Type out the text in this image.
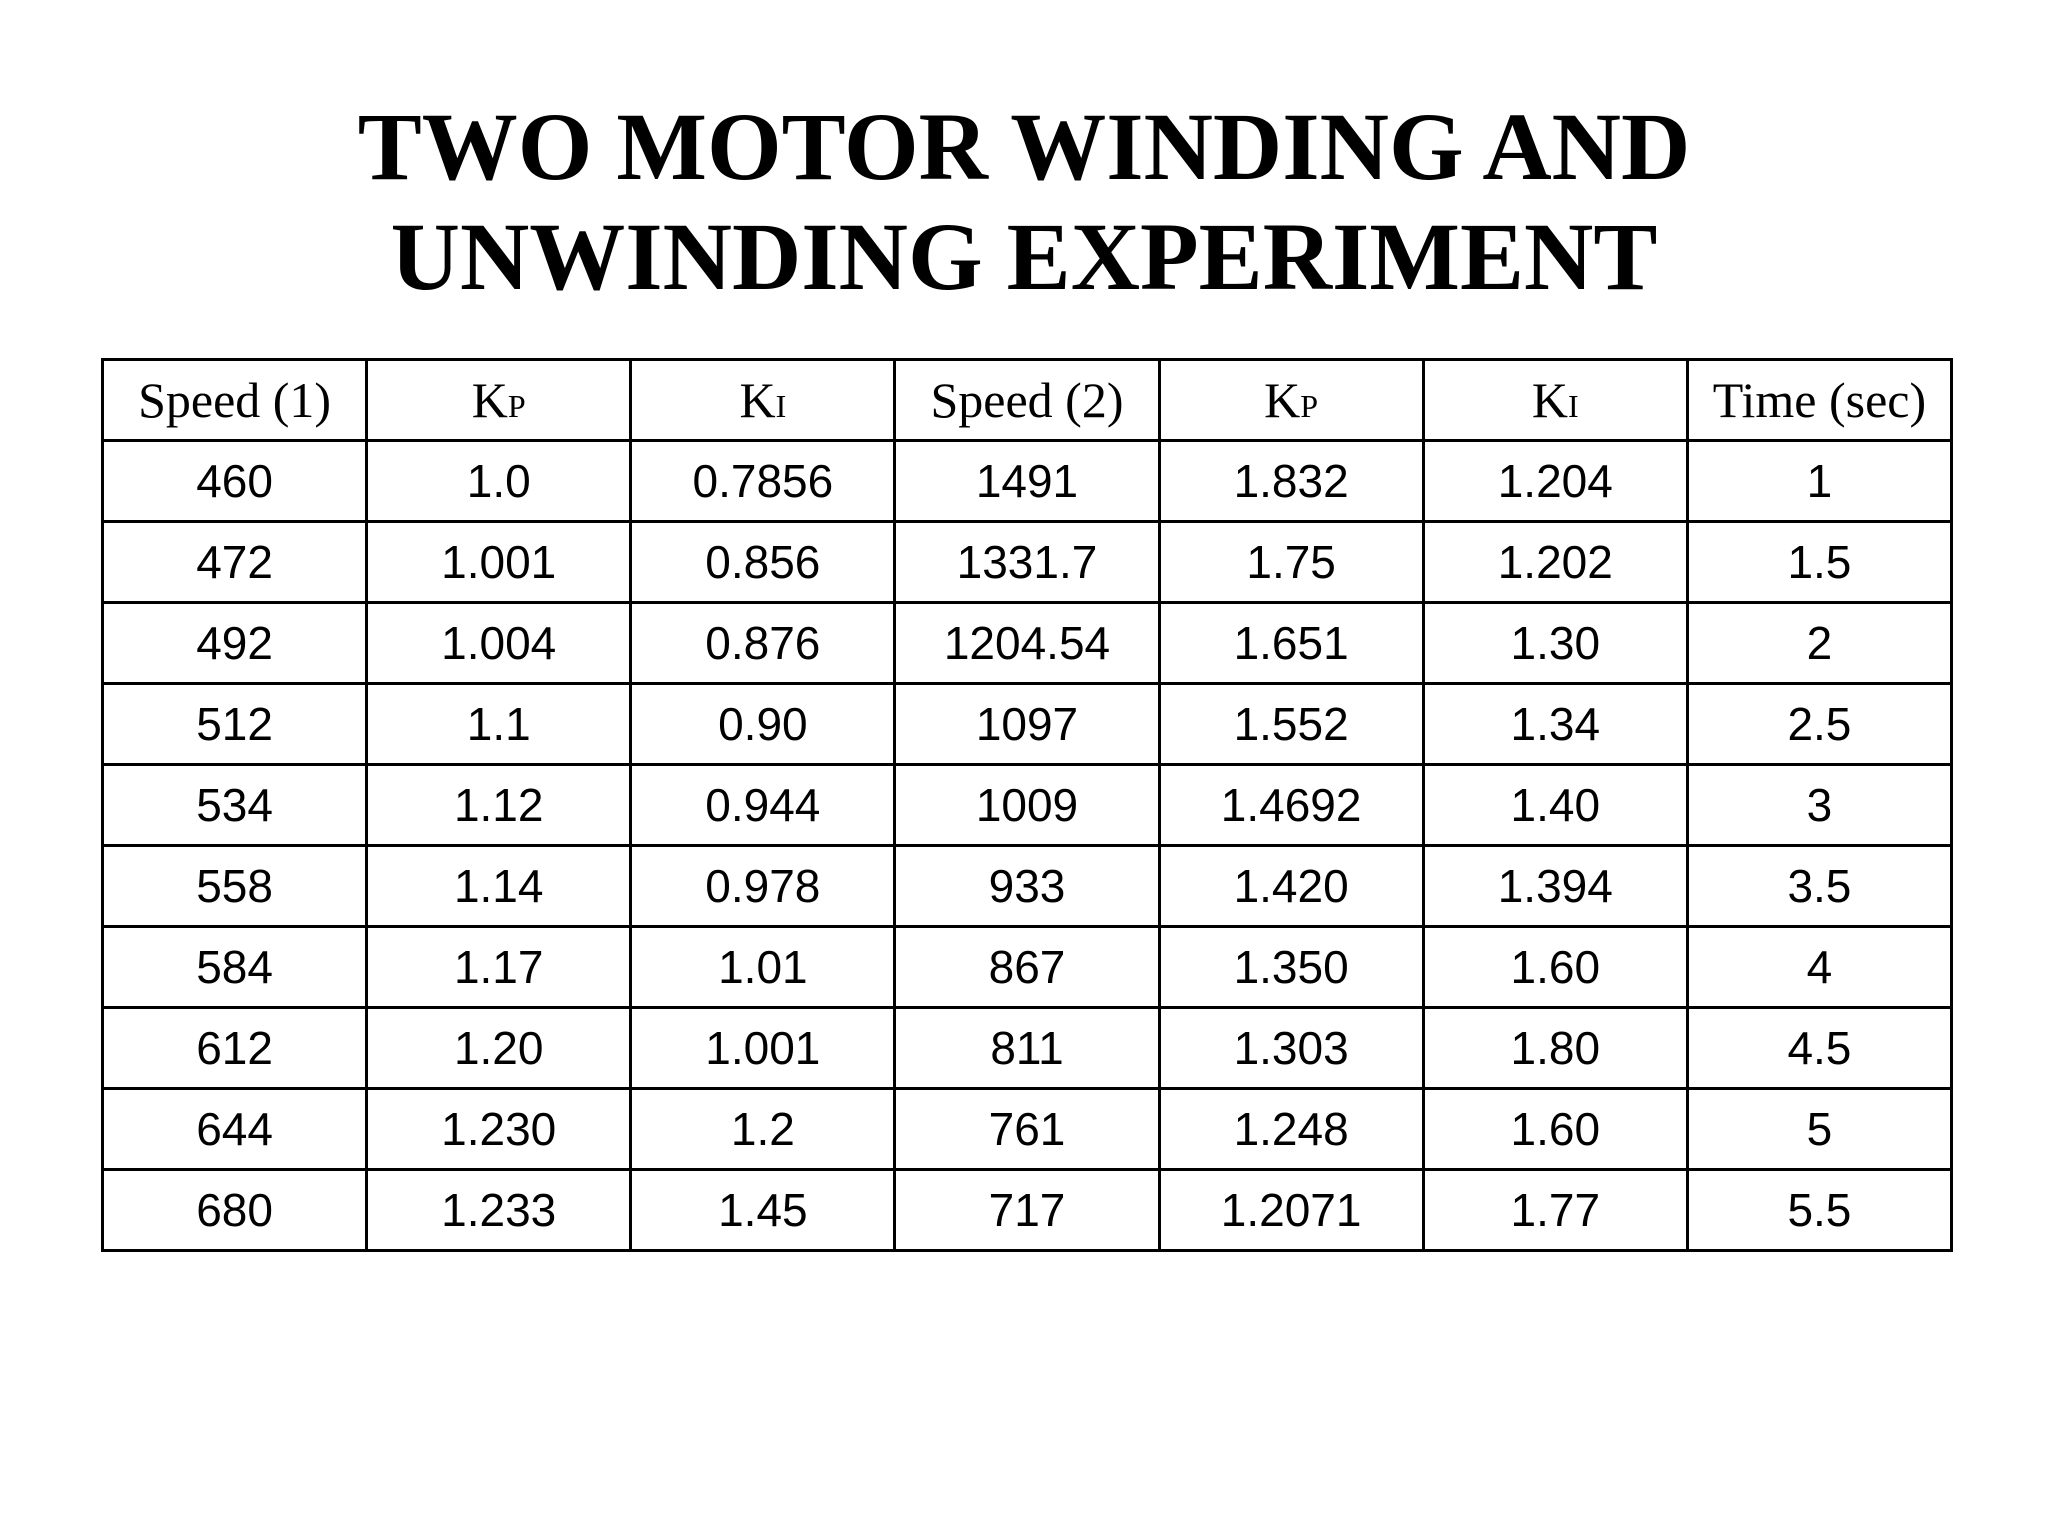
TWO MOTOR WINDING AND
UNWINDING EXPERIMENT
Speed (1)	KP	KI	Speed (2)	KP	KI	Time (sec)
460	1.0	0.7856	1491	1.832	1.204	1
472	1.001	0.856	1331.7	1.75	1.202	1.5
492	1.004	0.876	1204.54	1.651	1.30	2
512	1.1	0.90	1097	1.552	1.34	2.5
534	1.12	0.944	1009	1.4692	1.40	3
558	1.14	0.978	933	1.420	1.394	3.5
584	1.17	1.01	867	1.350	1.60	4
612	1.20	1.001	811	1.303	1.80	4.5
644	1.230	1.2	761	1.248	1.60	5
680	1.233	1.45	717	1.2071	1.77	5.5
